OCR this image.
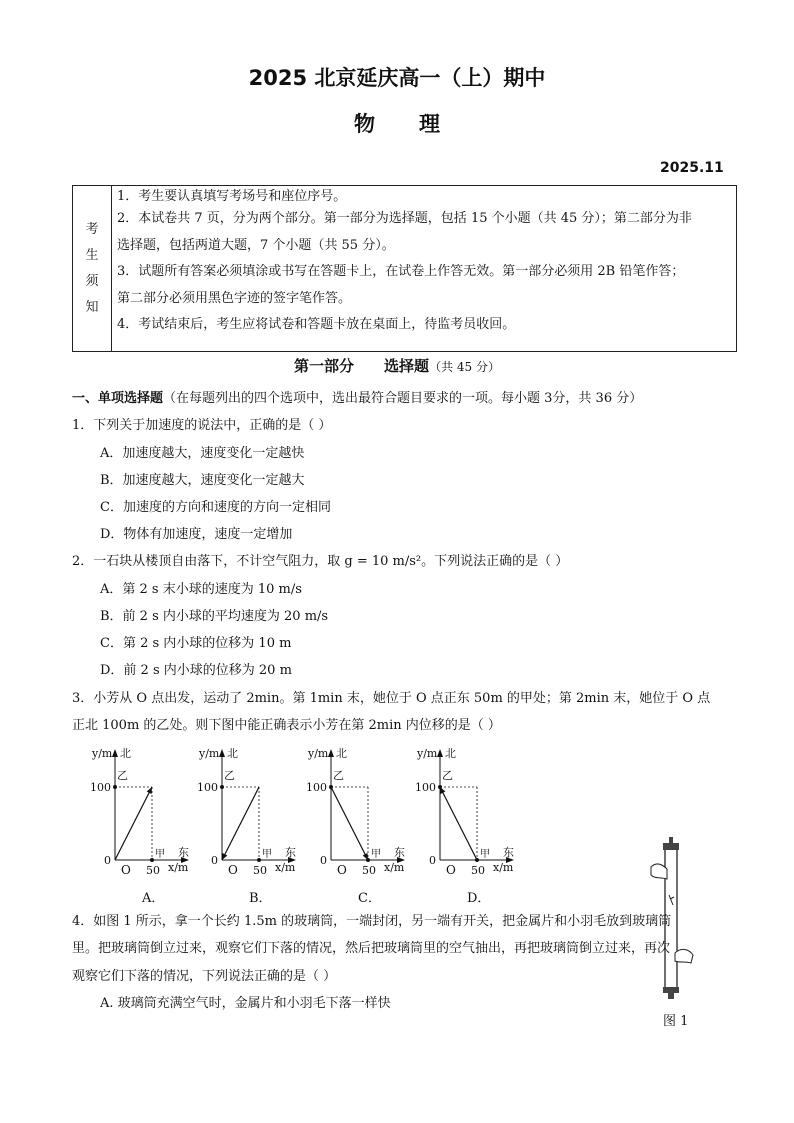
2025 北京延庆高一（上）期中
物理
2025.11
考
生
须
知
1．考生要认真填写考场号和座位序号。
2．本试卷共 7 页，分为两个部分。第一部分为选择题，包括 15 个小题（共 45 分）；第二部分为非
选择题，包括两道大题，7 个小题（共 55 分）。
3．试题所有答案必须填涂或书写在答题卡上，在试卷上作答无效。第一部分必须用 2B 铅笔作答；
第二部分必须用黑色字迹的签字笔作答。
4．考试结束后，考生应将试卷和答题卡放在桌面上，待监考员收回。
第一部分 选择题（共 45 分）
一、单项选择题（在每题列出的四个选项中，选出最符合题目要求的一项。每小题 3分，共 36 分）
1．下列关于加速度的说法中，正确的是（ ）
A．加速度越大，速度变化一定越快
B．加速度越大，速度变化一定越大
C．加速度的方向和速度的方向一定相同
D．物体有加速度，速度一定增加
2．一石块从楼顶自由落下，不计空气阻力，取 g = 10 m/s²。下列说法正确的是（ ）
A．第 2 s 末小球的速度为 10 m/s
B．前 2 s 内小球的平均速度为 20 m/s
C．第 2 s 内小球的位移为 10 m
D．前 2 s 内小球的位移为 20 m
3．小芳从 O 点出发，运动了 2min。第 1min 末，她位于 O 点正东 50m 的甲处；第 2min 末，她位于 O 点
正北 100m 的乙处。则下图中能正确表示小芳在第 2min 内位移的是（ ）
y/m 北
乙
100
0
O 50
甲 东
x/m
A．
y/m 北
乙
100
0
O 50
甲 东
x/m
B．
y/m 北
乙
100
0
O 50
甲 东
x/m
C．
y/m 北
乙
100
0
O 50
甲 东
x/m
D．
4．如图 1 所示，拿一个长约 1.5m 的玻璃筒，一端封闭，另一端有开关，把金属片和小羽毛放到玻璃筒
里。把玻璃筒倒立过来，观察它们下落的情况，然后把玻璃筒里的空气抽出，再把玻璃筒倒立过来，再次
观察它们下落的情况，下列说法正确的是（ ）
A. 玻璃筒充满空气时，金属片和小羽毛下落一样快
图 1
